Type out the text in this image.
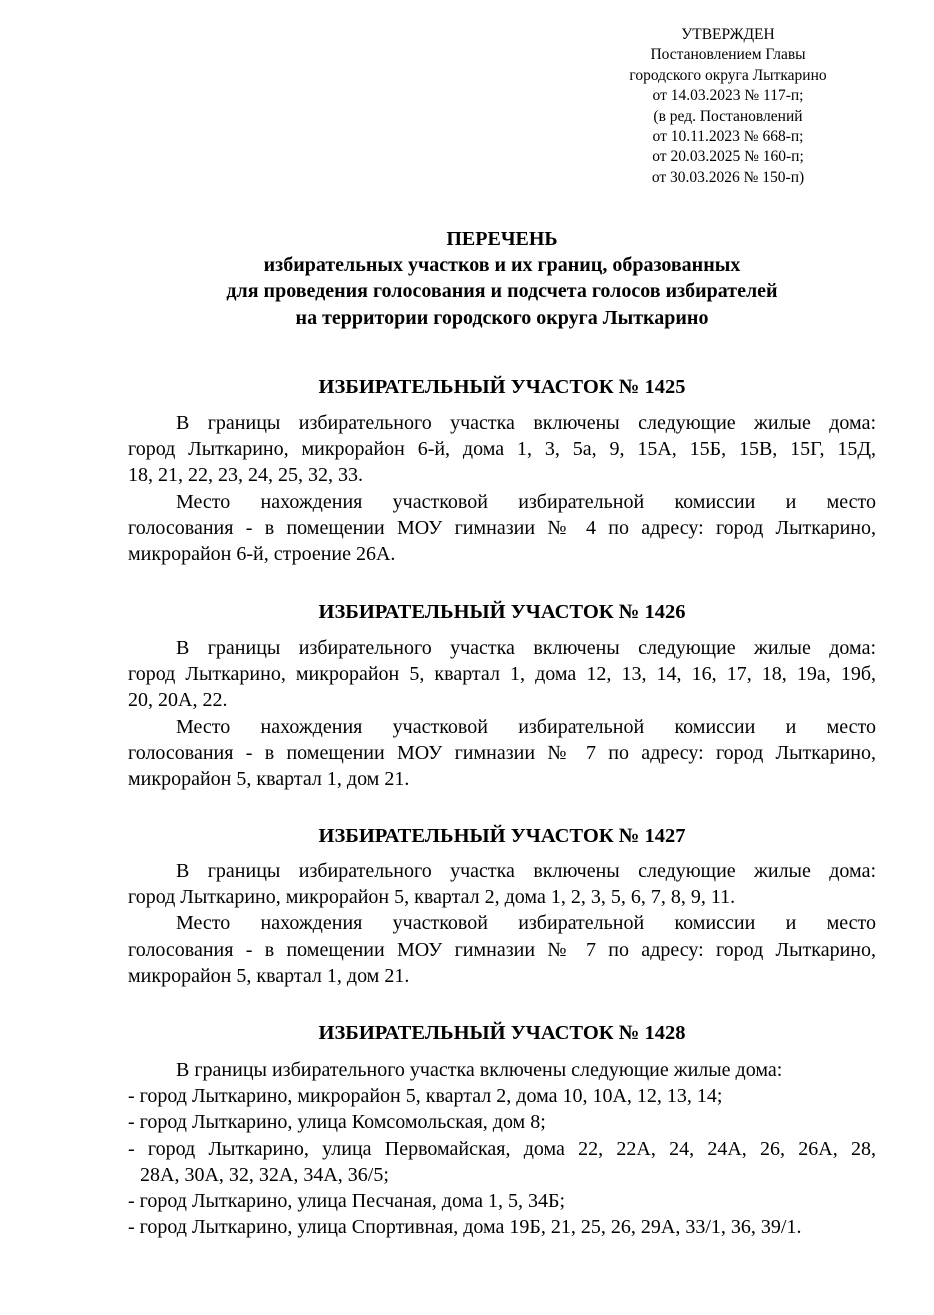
УТВЕРЖДЕН
Постановлением Главы
городского округа Лыткарино
от 14.03.2023 № 117-п;
(в ред. Постановлений
от 10.11.2023 № 668-п;
от 20.03.2025 № 160-п;
от 30.03.2026 № 150-п)
ПЕРЕЧЕНЬ
избирательных участков и их границ, образованных
для проведения голосования и подсчета голосов избирателей
на территории городского округа Лыткарино
ИЗБИРАТЕЛЬНЫЙ УЧАСТОК № 1425
В границы избирательного участка включены следующие жилые дома:
город Лыткарино, микрорайон 6-й, дома 1, 3, 5а, 9, 15А, 15Б, 15В, 15Г, 15Д,
18, 21, 22, 23, 24, 25, 32, 33.
Место нахождения участковой избирательной комиссии и место
голосования - в помещении МОУ гимназии № 4 по адресу: город Лыткарино,
микрорайон 6-й, строение 26А.
ИЗБИРАТЕЛЬНЫЙ УЧАСТОК № 1426
В границы избирательного участка включены следующие жилые дома:
город Лыткарино, микрорайон 5, квартал 1, дома 12, 13, 14, 16, 17, 18, 19а, 19б,
20, 20А, 22.
Место нахождения участковой избирательной комиссии и место
голосования - в помещении МОУ гимназии № 7 по адресу: город Лыткарино,
микрорайон 5, квартал 1, дом 21.
ИЗБИРАТЕЛЬНЫЙ УЧАСТОК № 1427
В границы избирательного участка включены следующие жилые дома:
город Лыткарино, микрорайон 5, квартал 2, дома 1, 2, 3, 5, 6, 7, 8, 9, 11.
Место нахождения участковой избирательной комиссии и место
голосования - в помещении МОУ гимназии № 7 по адресу: город Лыткарино,
микрорайон 5, квартал 1, дом 21.
ИЗБИРАТЕЛЬНЫЙ УЧАСТОК № 1428
В границы избирательного участка включены следующие жилые дома:
- город Лыткарино, микрорайон 5, квартал 2, дома 10, 10А, 12, 13, 14;
- город Лыткарино, улица Комсомольская, дом 8;
- город Лыткарино, улица Первомайская, дома 22, 22А, 24, 24А, 26, 26А, 28,
28А, 30А, 32, 32А, 34А, 36/5;
- город Лыткарино, улица Песчаная, дома 1, 5, 34Б;
- город Лыткарино, улица Спортивная, дома 19Б, 21, 25, 26, 29А, 33/1, 36, 39/1.
